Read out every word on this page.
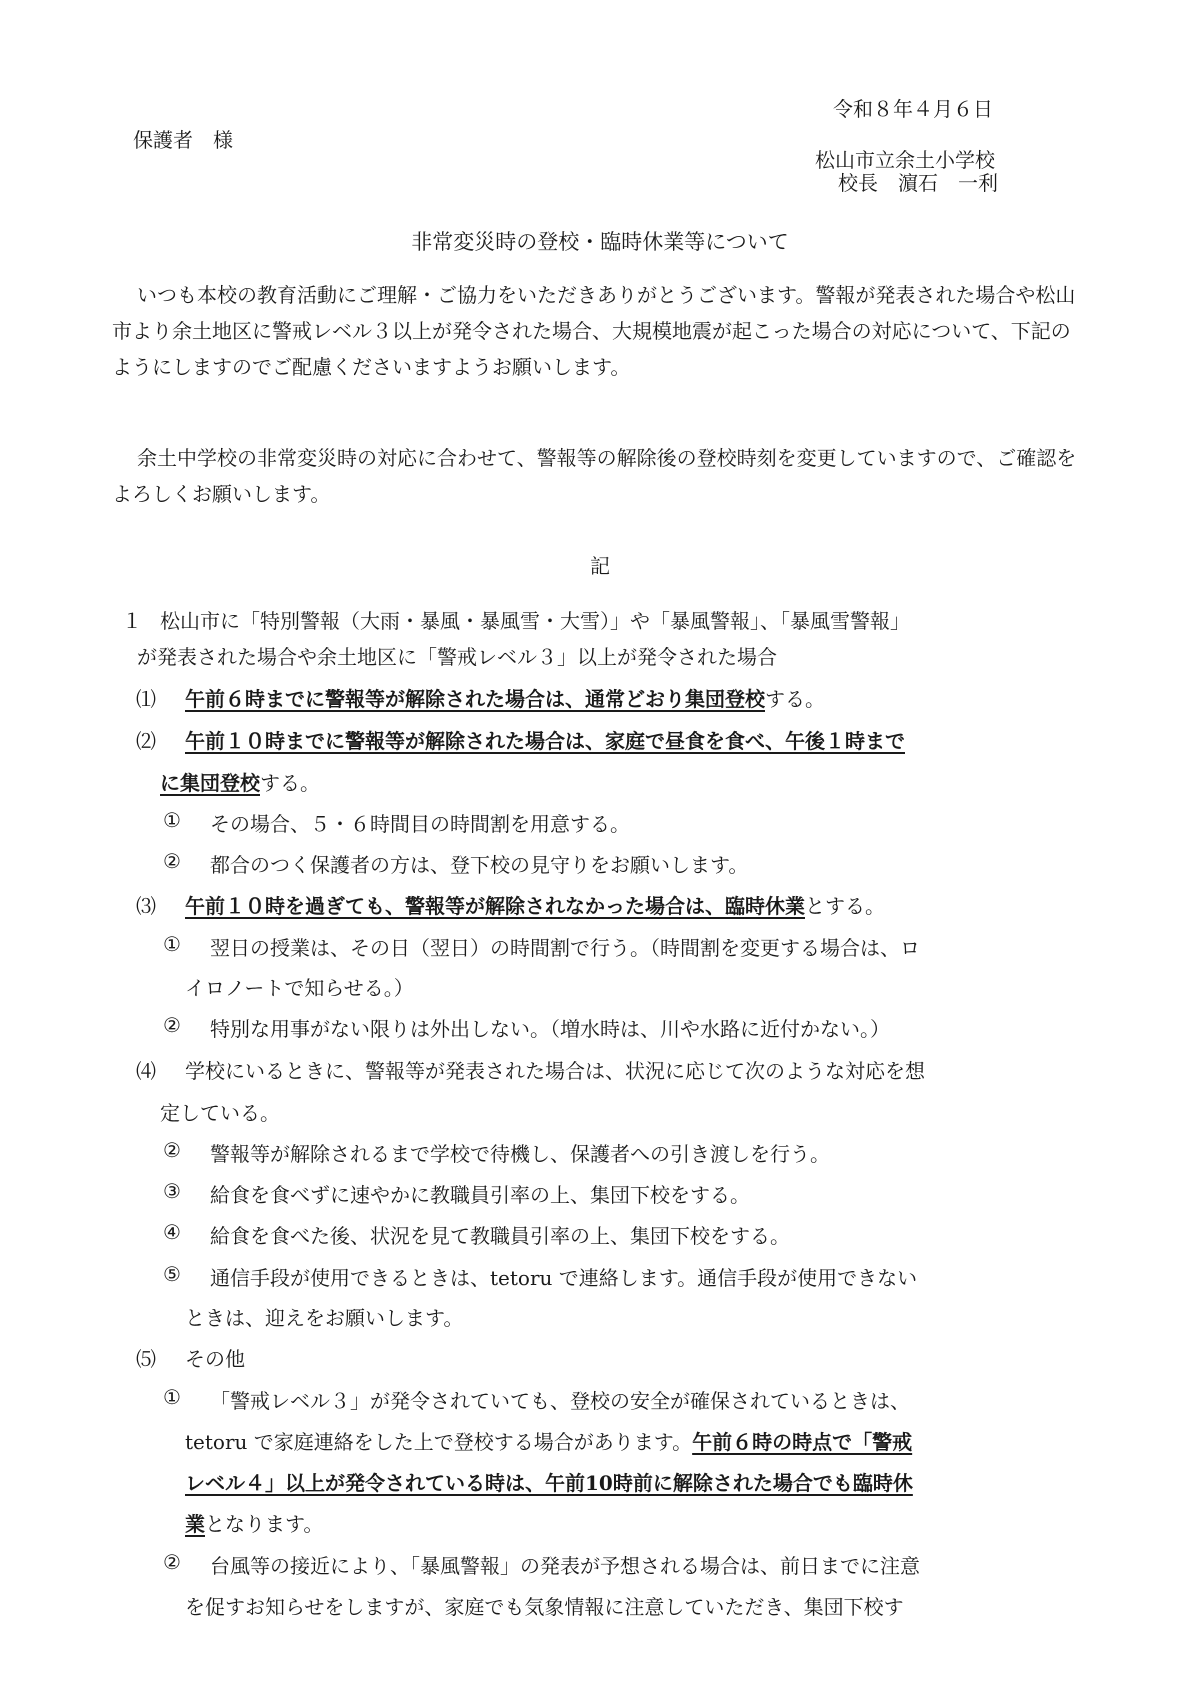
保護者　様
令和８年４月６日
松山市立余土小学校
校長　濵石　一利
非常変災時の登校・臨時休業等について
いつも本校の教育活動にご理解・ご協力をいただきありがとうございます。警報が発表された場合や松山市より余土地区に警戒レベル３以上が発令された場合、大規模地震が起こった場合の対応について、下記のようにしますのでご配慮くださいますようお願いします。
余土中学校の非常変災時の対応に合わせて、警報等の解除後の登校時刻を変更していますので、ご確認をよろしくお願いします。
記
１ 松山市に「特別警報（大雨・暴風・暴風雪・大雪）」や「暴風警報」、「暴風雪警報」
が発表された場合や余土地区に「警戒レベル３」以上が発令された場合
⑴ 午前６時までに警報等が解除された場合は、通常どおり集団登校する。
⑵ 午前１０時までに警報等が解除された場合は、家庭で昼食を食べ、午後１時まで
に集団登校する。
① その場合、５・６時間目の時間割を用意する。
② 都合のつく保護者の方は、登下校の見守りをお願いします。
⑶ 午前１０時を過ぎても、警報等が解除されなかった場合は、臨時休業とする。
① 翌日の授業は、その日（翌日）の時間割で行う。（時間割を変更する場合は、ロ
イロノートで知らせる。）
② 特別な用事がない限りは外出しない。（増水時は、川や水路に近付かない。）
⑷ 学校にいるときに、警報等が発表された場合は、状況に応じて次のような対応を想
定している。
② 警報等が解除されるまで学校で待機し、保護者への引き渡しを行う。
③ 給食を食べずに速やかに教職員引率の上、集団下校をする。
④ 給食を食べた後、状況を見て教職員引率の上、集団下校をする。
⑤ 通信手段が使用できるときは、tetoru で連絡します。通信手段が使用できない
ときは、迎えをお願いします。
⑸ その他
① 「警戒レベル３」が発令されていても、登校の安全が確保されているときは、
tetoru で家庭連絡をした上で登校する場合があります。午前６時の時点で「警戒
レベル４」以上が発令されている時は、午前10時前に解除された場合でも臨時休
業となります。
② 台風等の接近により、「暴風警報」の発表が予想される場合は、前日までに注意
を促すお知らせをしますが、家庭でも気象情報に注意していただき、集団下校す
